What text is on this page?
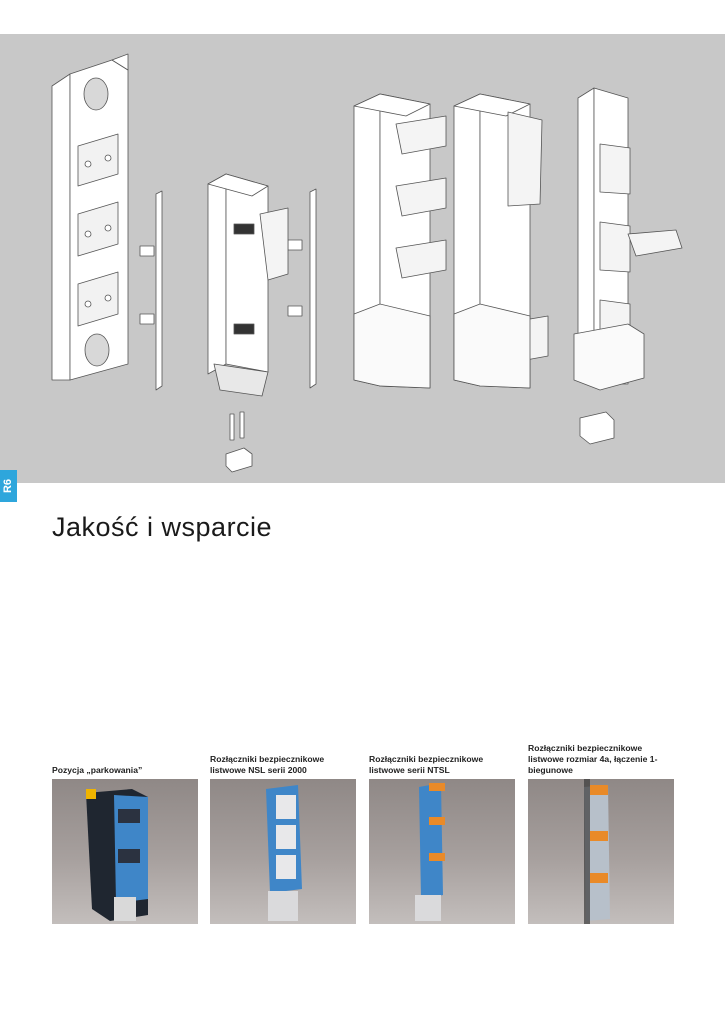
R6
Jakość i wsparcie
Pozycja „parkowania”
Rozłączniki bezpiecznikowe listwowe NSL serii 2000
Rozłączniki bezpiecznikowe listwowe serii NTSL
Rozłączniki bezpiecznikowe listwowe rozmiar 4a, łączenie 1-biegunowe
